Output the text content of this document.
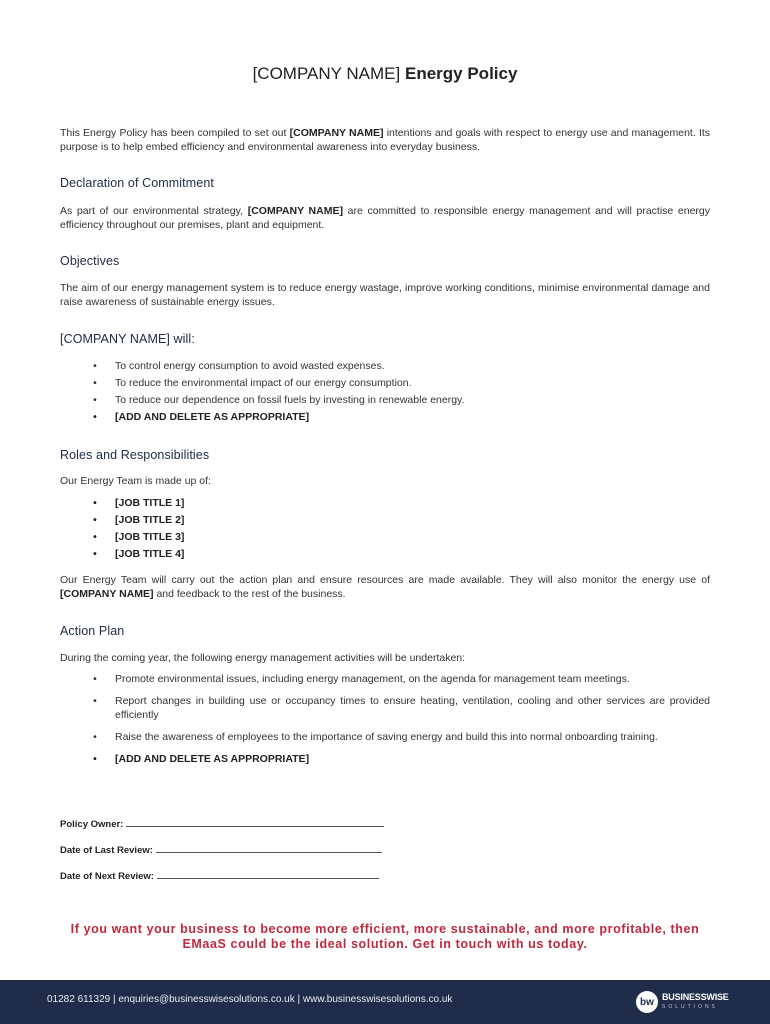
[COMPANY NAME] Energy Policy
This Energy Policy has been compiled to set out [COMPANY NAME] intentions and goals with respect to energy use and management. Its purpose is to help embed efficiency and environmental awareness into everyday business.
Declaration of Commitment
As part of our environmental strategy, [COMPANY NAME] are committed to responsible energy management and will practise energy efficiency throughout our premises, plant and equipment.
Objectives
The aim of our energy management system is to reduce energy wastage, improve working conditions, minimise environmental damage and raise awareness of sustainable energy issues.
[COMPANY NAME] will:
•	To control energy consumption to avoid wasted expenses.
•	To reduce the environmental impact of our energy consumption.
•	To reduce our dependence on fossil fuels by investing in renewable energy.
•	[ADD AND DELETE AS APPROPRIATE]
Roles and Responsibilities
Our Energy Team is made up of:
•	[JOB TITLE 1]
•	[JOB TITLE 2]
•	[JOB TITLE 3]
•	[JOB TITLE 4]
Our Energy Team will carry out the action plan and ensure resources are made available. They will also monitor the energy use of [COMPANY NAME] and feedback to the rest of the business.
Action Plan
During the coming year, the following energy management activities will be undertaken:
•	Promote environmental issues, including energy management, on the agenda for management team meetings.
•	Report changes in building use or occupancy times to ensure heating, ventilation, cooling and other services are provided efficiently
•	Raise the awareness of employees to the importance of saving energy and build this into normal onboarding training.
•	[ADD AND DELETE AS APPROPRIATE]
Policy Owner:
Date of Last Review:
Date of Next Review:
If you want your business to become more efficient, more sustainable, and more profitable, then EMaaS could be the ideal solution. Get in touch with us today.
01282 611329 | enquiries@businesswisesolutions.co.uk | www.businesswisesolutions.co.uk	bw BUSINESSWISE
SOLUTIONS
